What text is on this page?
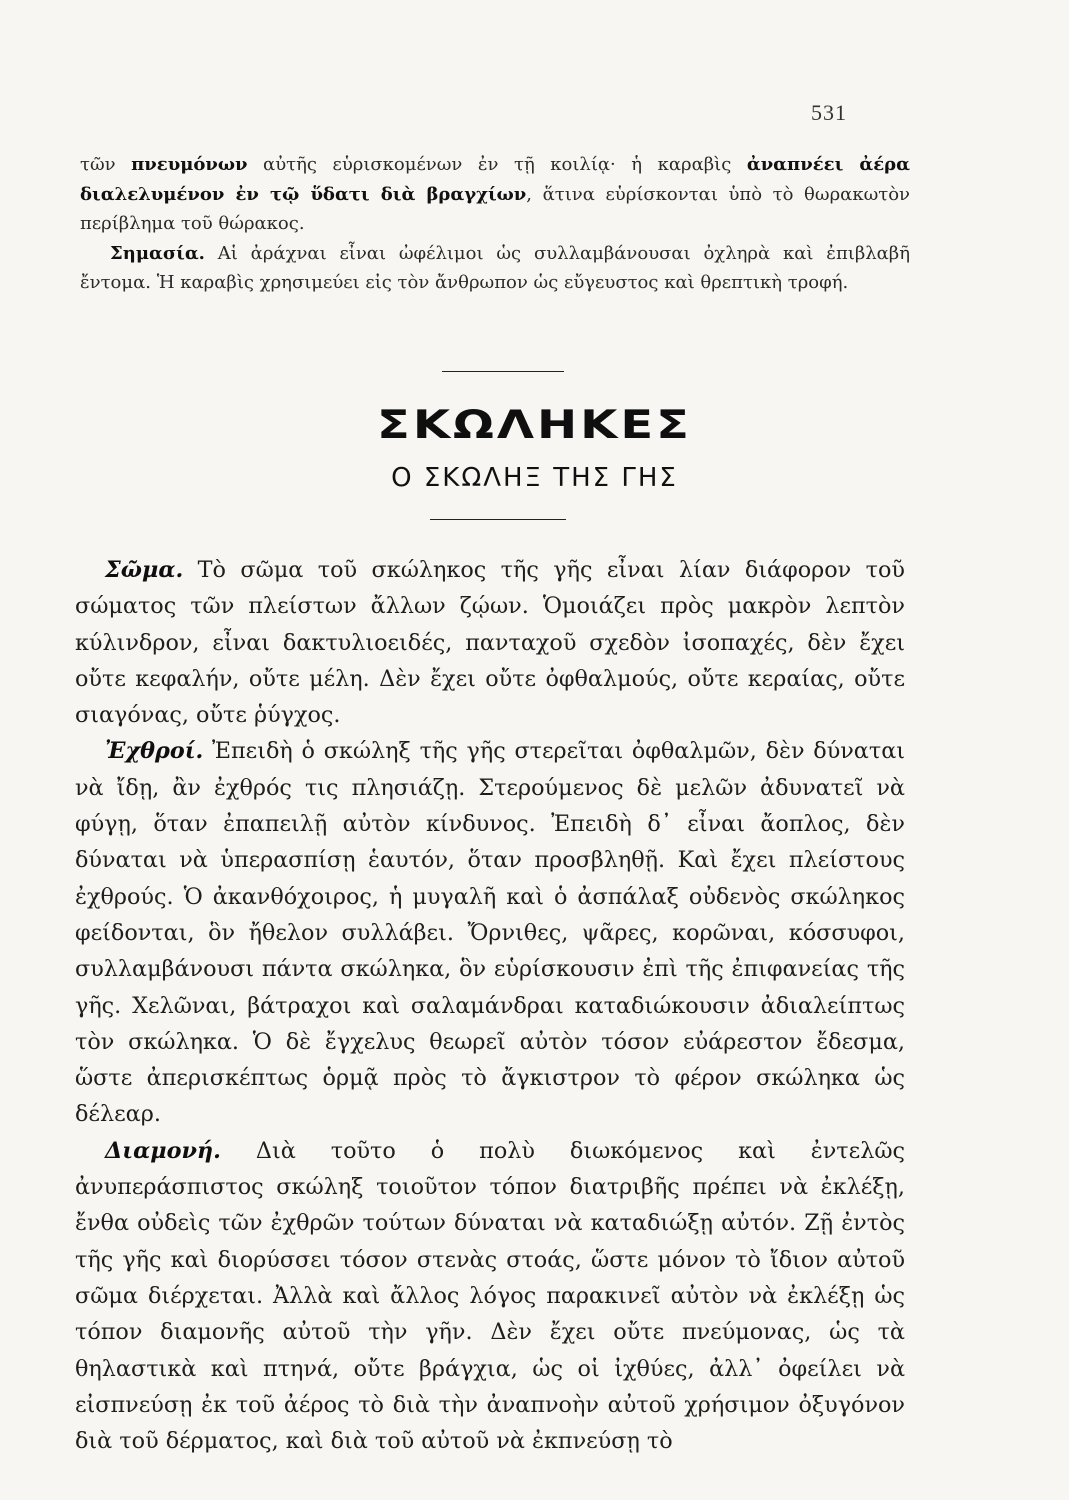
531

τῶν πνευμόνων αὐτῆς εὑρισκομένων ἐν τῇ κοιλίᾳ· ἡ καραβὶς ἀναπνέει ἀέρα διαλελυμένον ἐν τῷ ὕδατι διὰ βραγχίων, ἅτινα εὑρίσκονται ὑπὸ τὸ θωρακωτὸν περίβλημα τοῦ θώρακος.

Σημασία. Αἱ ἀράχναι εἶναι ὠφέλιμοι ὡς συλλαμβάνουσαι ὀχληρὰ καὶ ἐπιβλαβῆ ἔντομα. Ἡ καραβὶς χρησιμεύει εἰς τὸν ἄνθρωπον ὡς εὔγευστος καὶ θρεπτικὴ τροφή.

ΣΚΩΛΗΚΕΣ
Ο ΣΚΩΛΗΞ ΤΗΣ ΓΗΣ

Σῶμα. Τὸ σῶμα τοῦ σκώληκος τῆς γῆς εἶναι λίαν διάφορον τοῦ σώματος τῶν πλείστων ἄλλων ζῴων. Ὁμοιάζει πρὸς μακρὸν λεπτὸν κύλινδρον, εἶναι δακτυλιοειδές, πανταχοῦ σχεδὸν ἰσοπαχές, δὲν ἔχει οὔτε κεφαλήν, οὔτε μέλη. Δὲν ἔχει οὔτε ὀφθαλμούς, οὔτε κεραίας, οὔτε σιαγόνας, οὔτε ῥύγχος.

Ἐχθροί. Ἐπειδὴ ὁ σκώληξ τῆς γῆς στερεῖται ὀφθαλμῶν, δὲν δύναται νὰ ἴδῃ, ἂν ἐχθρός τις πλησιάζῃ. Στερούμενος δὲ μελῶν ἀδυνατεῖ νὰ φύγῃ, ὅταν ἐπαπειλῇ αὐτὸν κίνδυνος. Ἐπειδὴ δ᾽ εἶναι ἄοπλος, δὲν δύναται νὰ ὑπερασπίσῃ ἑαυτόν, ὅταν προσβληθῇ. Καὶ ἔχει πλείστους ἐχθρούς. Ὁ ἀκανθόχοιρος, ἡ μυγαλῆ καὶ ὁ ἀσπάλαξ οὐδενὸς σκώληκος φείδονται, ὃν ἤθελον συλλάβει. Ὄρνιθες, ψᾶρες, κορῶναι, κόσσυφοι, συλλαμβάνουσι πάντα σκώληκα, ὃν εὑρίσκουσιν ἐπὶ τῆς ἐπιφανείας τῆς γῆς. Χελῶναι, βάτραχοι καὶ σαλαμάνδραι καταδιώκουσιν ἀδιαλείπτως τὸν σκώληκα. Ὁ δὲ ἔγχελυς θεωρεῖ αὐτὸν τόσον εὐάρεστον ἔδεσμα, ὥστε ἀπερισκέπτως ὁρμᾷ πρὸς τὸ ἄγκιστρον τὸ φέρον σκώληκα ὡς δέλεαρ.

Διαμονή. Διὰ τοῦτο ὁ πολὺ διωκόμενος καὶ ἐντελῶς ἀνυπεράσπιστος σκώληξ τοιοῦτον τόπον διατριβῆς πρέπει νὰ ἐκλέξῃ, ἔνθα οὐδεὶς τῶν ἐχθρῶν τούτων δύναται νὰ καταδιώξῃ αὐτόν. Ζῇ ἐντὸς τῆς γῆς καὶ διορύσσει τόσον στενὰς στοάς, ὥστε μόνον τὸ ἴδιον αὐτοῦ σῶμα διέρχεται. Ἀλλὰ καὶ ἄλλος λόγος παρακινεῖ αὐτὸν νὰ ἐκλέξῃ ὡς τόπον διαμονῆς αὐτοῦ τὴν γῆν. Δὲν ἔχει οὔτε πνεύμονας, ὡς τὰ θηλαστικὰ καὶ πτηνά, οὔτε βράγχια, ὡς οἱ ἰχθύες, ἀλλ᾽ ὀφείλει νὰ εἰσπνεύσῃ ἐκ τοῦ ἀέρος τὸ διὰ τὴν ἀναπνοὴν αὐτοῦ χρήσιμον ὀξυγόνον διὰ τοῦ δέρματος, καὶ διὰ τοῦ αὐτοῦ νὰ ἐκπνεύσῃ τὸ
